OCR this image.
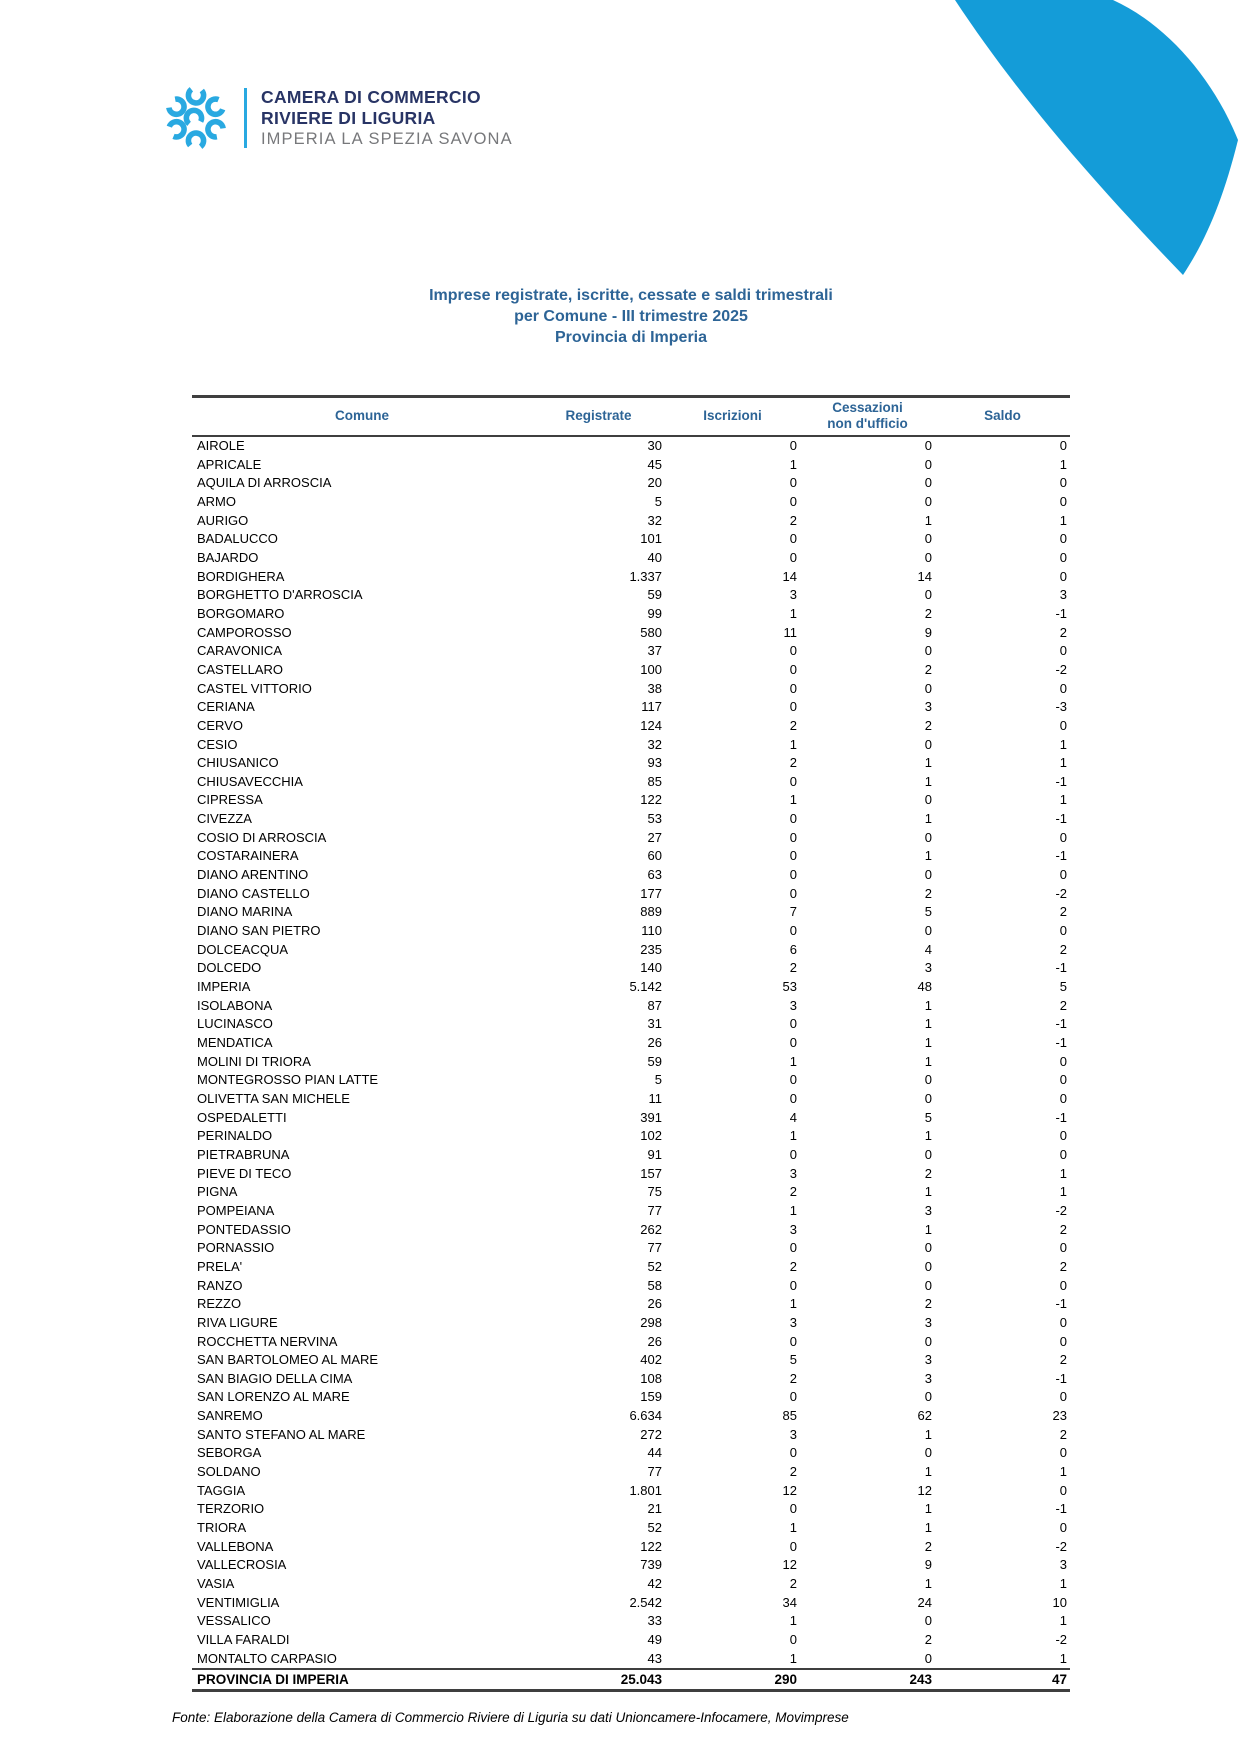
CAMERA DI COMMERCIO
RIVIERE DI LIGURIA
IMPERIA LA SPEZIA SAVONA
Imprese registrate, iscritte, cessate e saldi trimestrali
per Comune - III trimestre 2025
Provincia di Imperia
Comune	Registrate	Iscrizioni	Cessazioni
non d'ufficio	Saldo
AIROLE	30	0	0	0
APRICALE	45	1	0	1
AQUILA DI ARROSCIA	20	0	0	0
ARMO	5	0	0	0
AURIGO	32	2	1	1
BADALUCCO	101	0	0	0
BAJARDO	40	0	0	0
BORDIGHERA	1.337	14	14	0
BORGHETTO D'ARROSCIA	59	3	0	3
BORGOMARO	99	1	2	-1
CAMPOROSSO	580	11	9	2
CARAVONICA	37	0	0	0
CASTELLARO	100	0	2	-2
CASTEL VITTORIO	38	0	0	0
CERIANA	117	0	3	-3
CERVO	124	2	2	0
CESIO	32	1	0	1
CHIUSANICO	93	2	1	1
CHIUSAVECCHIA	85	0	1	-1
CIPRESSA	122	1	0	1
CIVEZZA	53	0	1	-1
COSIO DI ARROSCIA	27	0	0	0
COSTARAINERA	60	0	1	-1
DIANO ARENTINO	63	0	0	0
DIANO CASTELLO	177	0	2	-2
DIANO MARINA	889	7	5	2
DIANO SAN PIETRO	110	0	0	0
DOLCEACQUA	235	6	4	2
DOLCEDO	140	2	3	-1
IMPERIA	5.142	53	48	5
ISOLABONA	87	3	1	2
LUCINASCO	31	0	1	-1
MENDATICA	26	0	1	-1
MOLINI DI TRIORA	59	1	1	0
MONTEGROSSO PIAN LATTE	5	0	0	0
OLIVETTA SAN MICHELE	11	0	0	0
OSPEDALETTI	391	4	5	-1
PERINALDO	102	1	1	0
PIETRABRUNA	91	0	0	0
PIEVE DI TECO	157	3	2	1
PIGNA	75	2	1	1
POMPEIANA	77	1	3	-2
PONTEDASSIO	262	3	1	2
PORNASSIO	77	0	0	0
PRELA'	52	2	0	2
RANZO	58	0	0	0
REZZO	26	1	2	-1
RIVA LIGURE	298	3	3	0
ROCCHETTA NERVINA	26	0	0	0
SAN BARTOLOMEO AL MARE	402	5	3	2
SAN BIAGIO DELLA CIMA	108	2	3	-1
SAN LORENZO AL MARE	159	0	0	0
SANREMO	6.634	85	62	23
SANTO STEFANO AL MARE	272	3	1	2
SEBORGA	44	0	0	0
SOLDANO	77	2	1	1
TAGGIA	1.801	12	12	0
TERZORIO	21	0	1	-1
TRIORA	52	1	1	0
VALLEBONA	122	0	2	-2
VALLECROSIA	739	12	9	3
VASIA	42	2	1	1
VENTIMIGLIA	2.542	34	24	10
VESSALICO	33	1	0	1
VILLA FARALDI	49	0	2	-2
MONTALTO CARPASIO	43	1	0	1
PROVINCIA DI IMPERIA	25.043	290	243	47
Fonte: Elaborazione della Camera di Commercio Riviere di Liguria su dati Unioncamere-Infocamere, Movimprese
